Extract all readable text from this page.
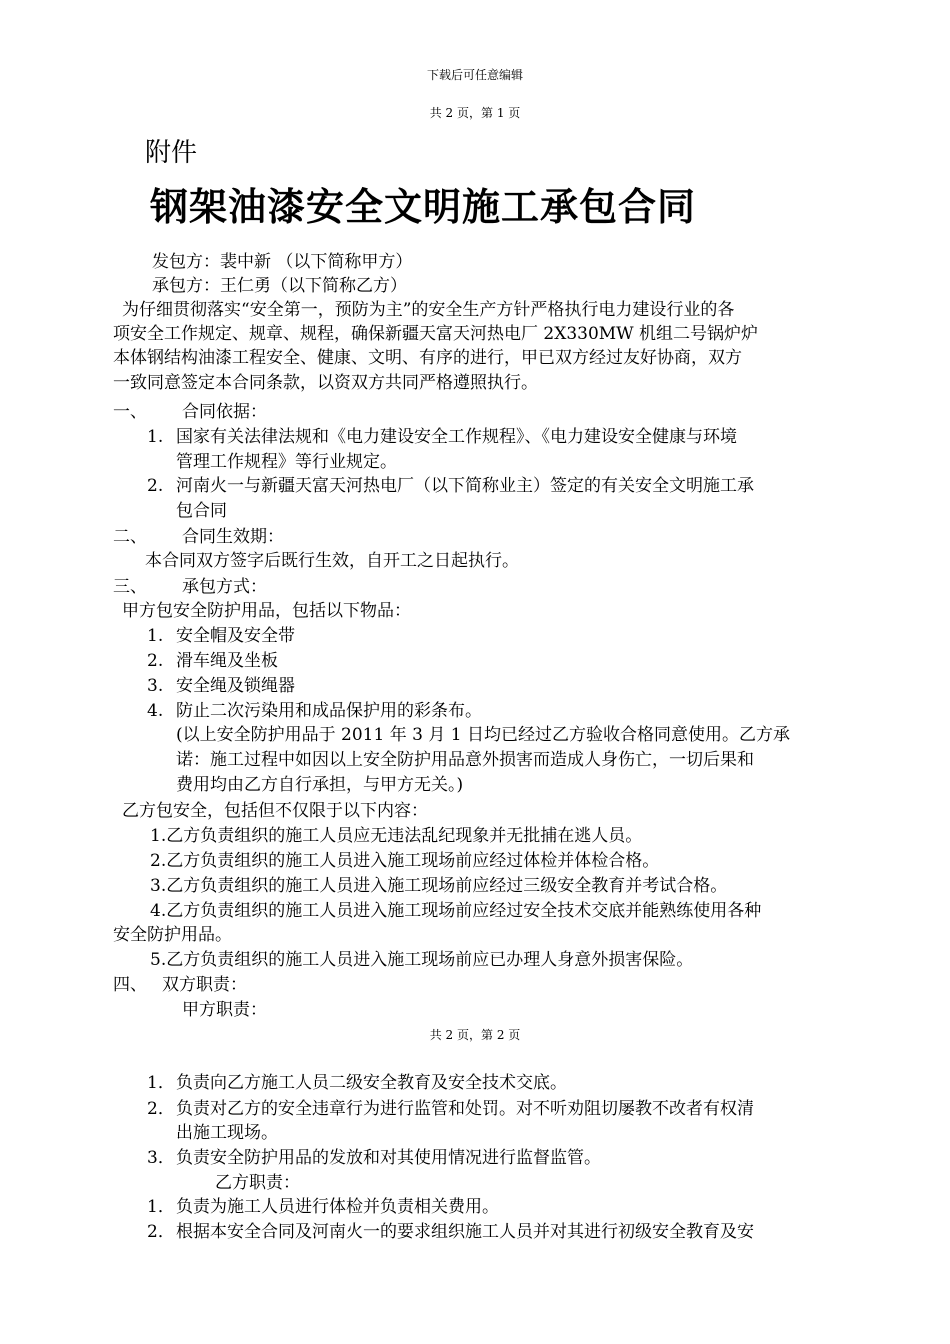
下载后可任意编辑
共 2 页，第 1 页
附件
钢架油漆安全文明施工承包合同
发包方：裴中新 （以下简称甲方）
承包方：王仁勇（以下简称乙方）
为仔细贯彻落实“安全第一，预防为主”的安全生产方针严格执行电力建设行业的各
项安全工作规定、规章、规程，确保新疆天富天河热电厂 2X330MW 机组二号锅炉炉
本体钢结构油漆工程安全、健康、文明、有序的进行，甲已双方经过友好协商，双方
一致同意签定本合同条款，以资双方共同严格遵照执行。
一、 合同依据：
1. 国家有关法律法规和《电力建设安全工作规程》、《电力建设安全健康与环境
管理工作规程》等行业规定。
2. 河南火一与新疆天富天河热电厂（以下简称业主）签定的有关安全文明施工承
包合同
二、 合同生效期：
本合同双方签字后既行生效，自开工之日起执行。
三、 承包方式：
甲方包安全防护用品，包括以下物品：
1. 安全帽及安全带
2. 滑车绳及坐板
3. 安全绳及锁绳器
4. 防止二次污染用和成品保护用的彩条布。
(以上安全防护用品于 2011 年 3 月 1 日均已经过乙方验收合格同意使用。乙方承
诺：施工过程中如因以上安全防护用品意外损害而造成人身伤亡，一切后果和
费用均由乙方自行承担，与甲方无关。)
乙方包安全，包括但不仅限于以下内容：
1.乙方负责组织的施工人员应无违法乱纪现象并无批捕在逃人员。
2.乙方负责组织的施工人员进入施工现场前应经过体检并体检合格。
3.乙方负责组织的施工人员进入施工现场前应经过三级安全教育并考试合格。
4.乙方负责组织的施工人员进入施工现场前应经过安全技术交底并能熟练使用各种
安全防护用品。
5.乙方负责组织的施工人员进入施工现场前应已办理人身意外损害保险。
四、 双方职责：
甲方职责：
共 2 页，第 2 页
1． 负责向乙方施工人员二级安全教育及安全技术交底。
2． 负责对乙方的安全违章行为进行监管和处罚。对不听劝阻切屡教不改者有权清
出施工现场。
3． 负责安全防护用品的发放和对其使用情况进行监督监管。
乙方职责：
1． 负责为施工人员进行体检并负责相关费用。
2． 根据本安全合同及河南火一的要求组织施工人员并对其进行初级安全教育及安
